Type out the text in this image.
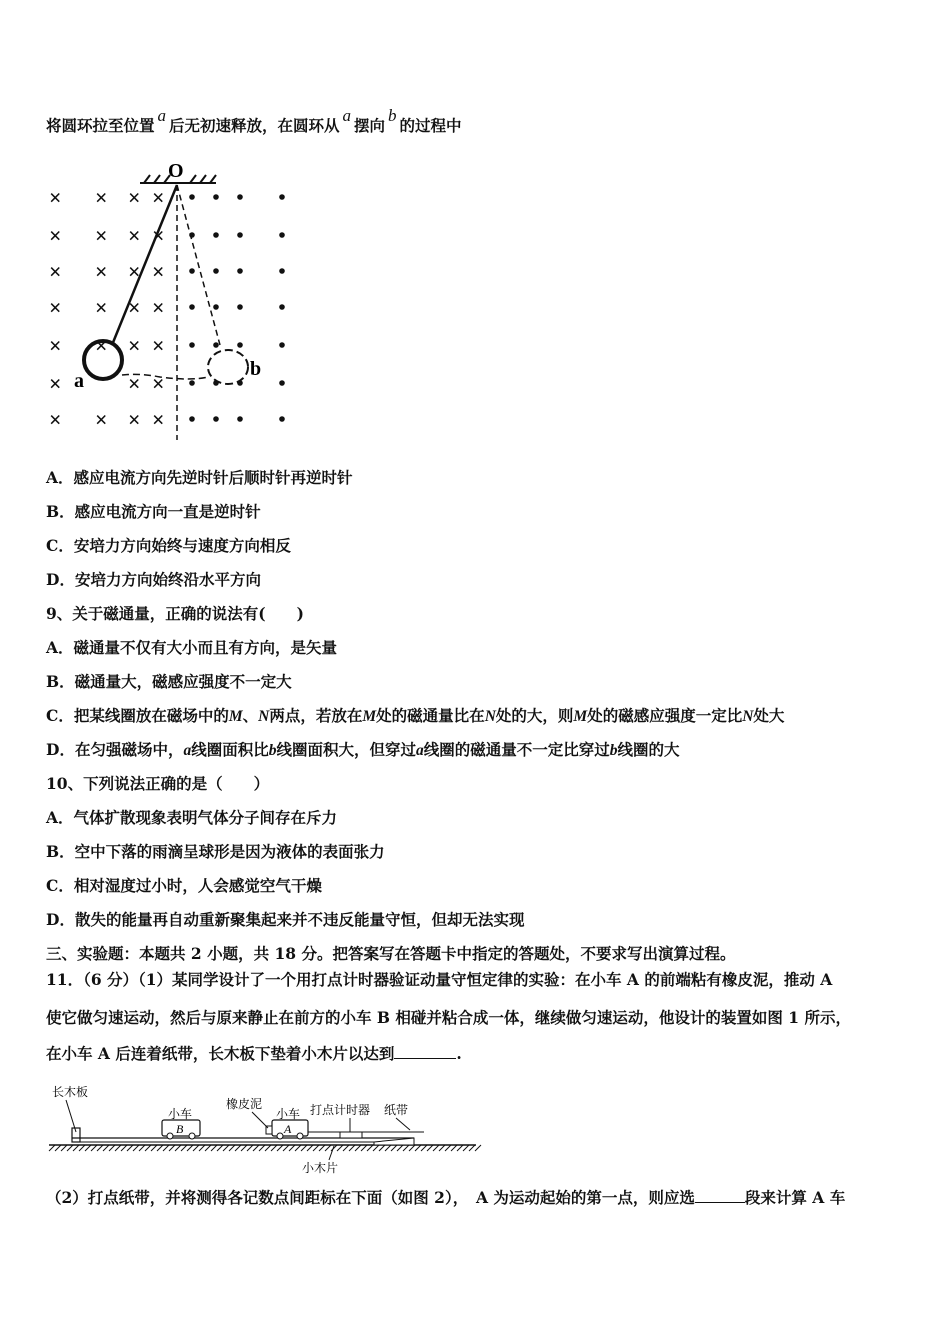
将圆环拉至位置a后无初速释放，在圆环从a摆向b的过程中
× × × ×
× × × ×
× × × ×
× × × ×
× × × ×
×	× ×
× × × ×
O
a
b
A．感应电流方向先逆时针后顺时针再逆时针
B．感应电流方向一直是逆时针
C．安培力方向始终与速度方向相反
D．安培力方向始终沿水平方向
9、关于磁通量，正确的说法有(　　)
A．磁通量不仅有大小而且有方向，是矢量
B．磁通量大，磁感应强度不一定大
C．把某线圈放在磁场中的M、N两点，若放在M处的磁通量比在N处的大，则M处的磁感应强度一定比N处大
D．在匀强磁场中，a线圈面积比b线圈面积大，但穿过a线圈的磁通量不一定比穿过b线圈的大
10、下列说法正确的是（　　）
A．气体扩散现象表明气体分子间存在斥力
B．空中下落的雨滴呈球形是因为液体的表面张力
C．相对湿度过小时，人会感觉空气干燥
D．散失的能量再自动重新聚集起来并不违反能量守恒，但却无法实现
三、实验题：本题共 2 小题，共 18 分。把答案写在答题卡中指定的答题处，不要求写出演算过程。
11．（6 分）（1）某同学设计了一个用打点计时器验证动量守恒定律的实验：在小车 A 的前端粘有橡皮泥，推动 A
使它做匀速运动，然后与原来静止在前方的小车 B 相碰并粘合成一体，继续做匀速运动，他设计的装置如图 1 所示，
在小车 A 后连着纸带，长木板下垫着小木片以达到	.
长木板
小木片
小车
B
小车
A
橡皮泥	打点计时器 纸带
（2）打点纸带，并将测得各记数点间距标在下面（如图 2），　A 为运动起始的第一点，则应选	段来计算 A 车
